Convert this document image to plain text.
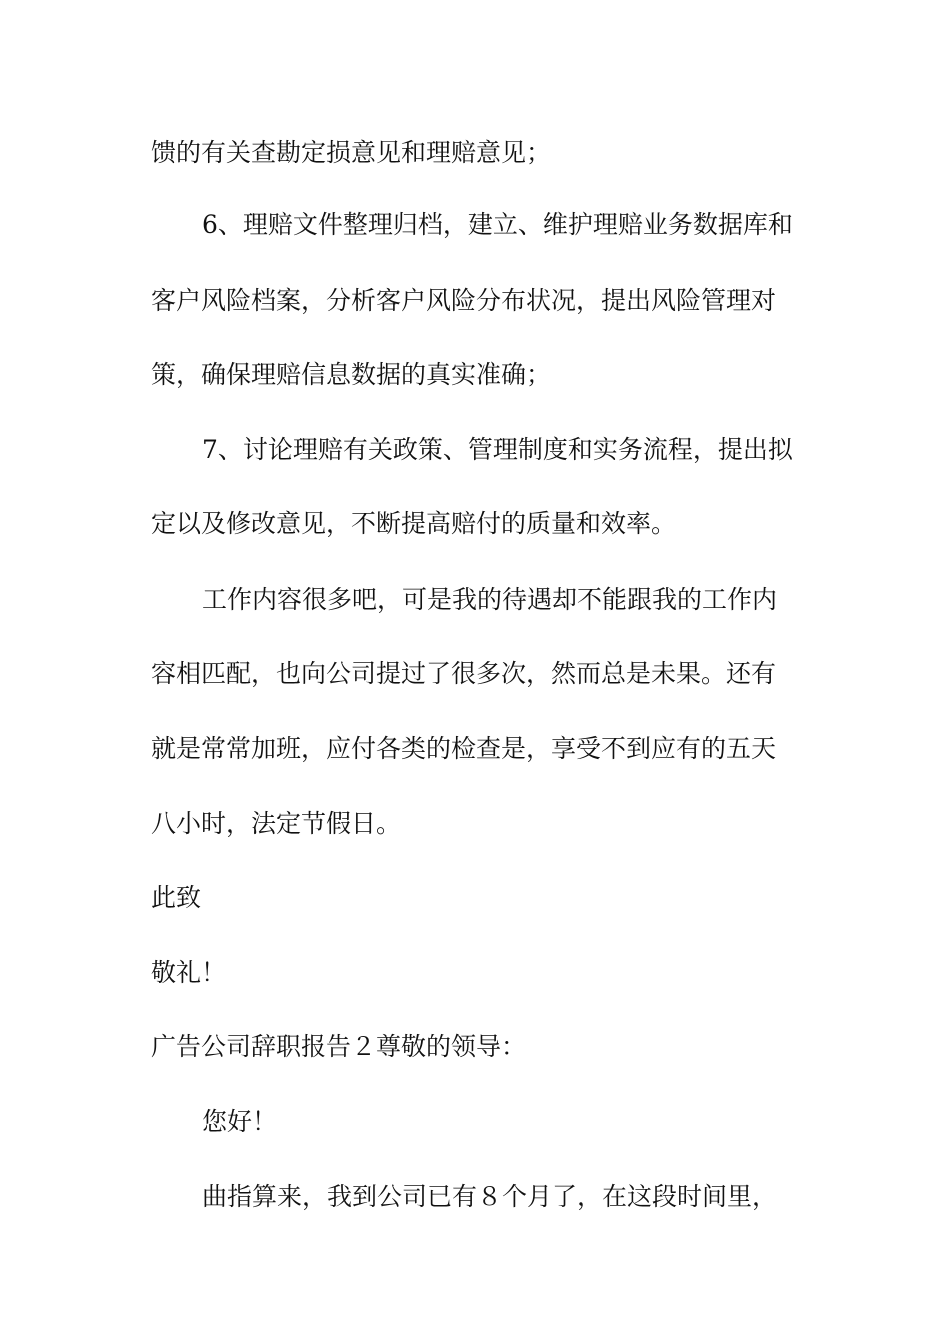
馈的有关查勘定损意见和理赔意见；
6、理赔文件整理归档，建立、维护理赔业务数据库和
客户风险档案，分析客户风险分布状况，提出风险管理对
策，确保理赔信息数据的真实准确；
7、讨论理赔有关政策、管理制度和实务流程，提出拟
定以及修改意见，不断提高赔付的质量和效率。
工作内容很多吧，可是我的待遇却不能跟我的工作内
容相匹配，也向公司提过了很多次，然而总是未果。还有
就是常常加班，应付各类的检查是，享受不到应有的五天
八小时，法定节假日。
此致
敬礼！
广告公司辞职报告２尊敬的领导：
您好！
曲指算来，我到公司已有８个月了，在这段时间里，
